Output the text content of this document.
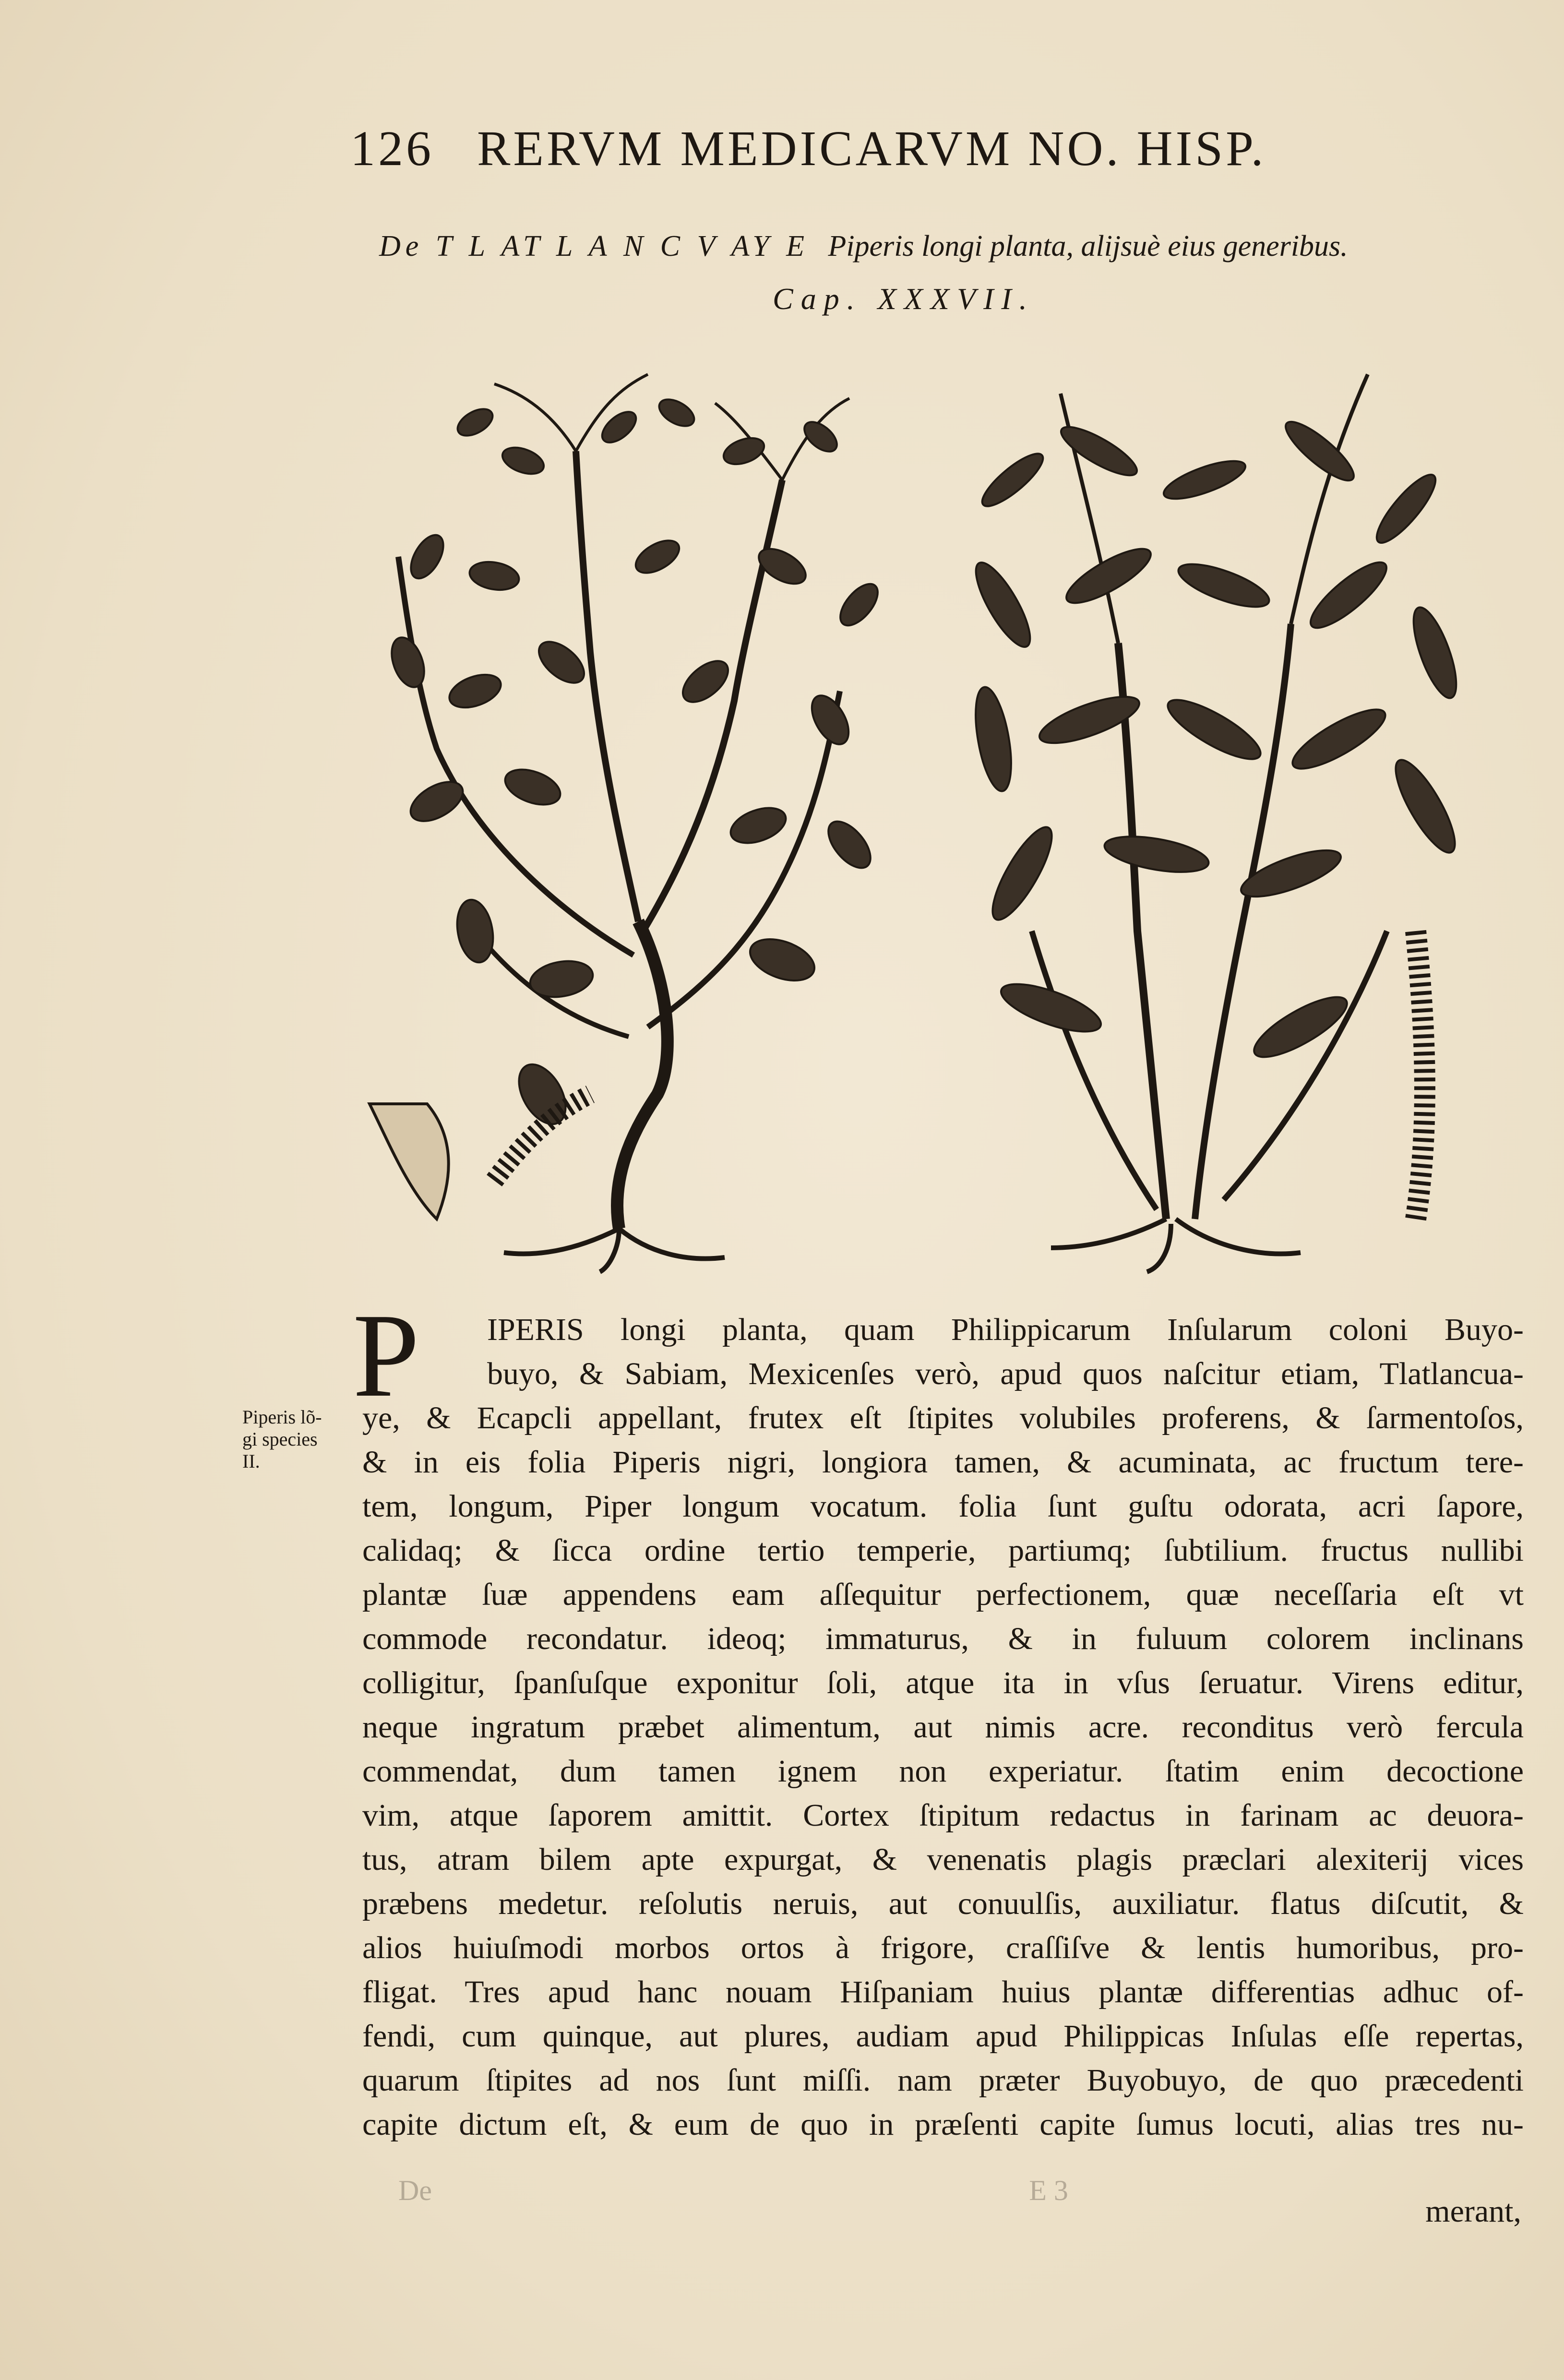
126 RERVM MEDICARVM NO. HISP.
De T L AT L A N C V AY E Piperis longi planta, alijsuè eius generibus.
Cap. XXXVII.
Piperis lõ-
gi species
II.
P	IPERIS longi planta, quam Philippicarum Inſularum coloni Buyo-
buyo, & Sabiam, Mexicenſes verò, apud quos naſcitur etiam, Tlatlancua-
ye, & Ecapcli appellant, frutex eſt ſtipites volubiles proferens, & ſarmentoſos,
& in eis folia Piperis nigri, longiora tamen, & acuminata, ac fructum tere-
tem, longum, Piper longum vocatum. folia ſunt guſtu odorata, acri ſapore,
calidaq; & ſicca ordine tertio temperie, partiumq; ſubtilium. fructus nullibi
plantæ ſuæ appendens eam aſſequitur perfectionem, quæ neceſſaria eſt vt
commode recondatur. ideoq; immaturus, & in fuluum colorem inclinans
colligitur, ſpanſuſque exponitur ſoli, atque ita in vſus ſeruatur. Virens editur,
neque ingratum præbet alimentum, aut nimis acre. reconditus verò fercula
commendat, dum tamen ignem non experiatur. ſtatim enim decoctione
vim, atque ſaporem amittit. Cortex ſtipitum redactus in farinam ac deuora-
tus, atram bilem apte expurgat, & venenatis plagis præclari alexiterij vices
præbens medetur. reſolutis neruis, aut conuulſis, auxiliatur. flatus diſcutit, &
alios huiuſmodi morbos ortos à frigore, craſſiſve & lentis humoribus, pro-
fligat. Tres apud hanc nouam Hiſpaniam huius plantæ differentias adhuc of-
fendi, cum quinque, aut plures, audiam apud Philippicas Inſulas eſſe repertas,
quarum ſtipites ad nos ſunt miſſi. nam præter Buyobuyo, de quo præcedenti
capite dictum eſt, & eum de quo in præſenti capite ſumus locuti, alias tres nu-
De	E 3
merant,
